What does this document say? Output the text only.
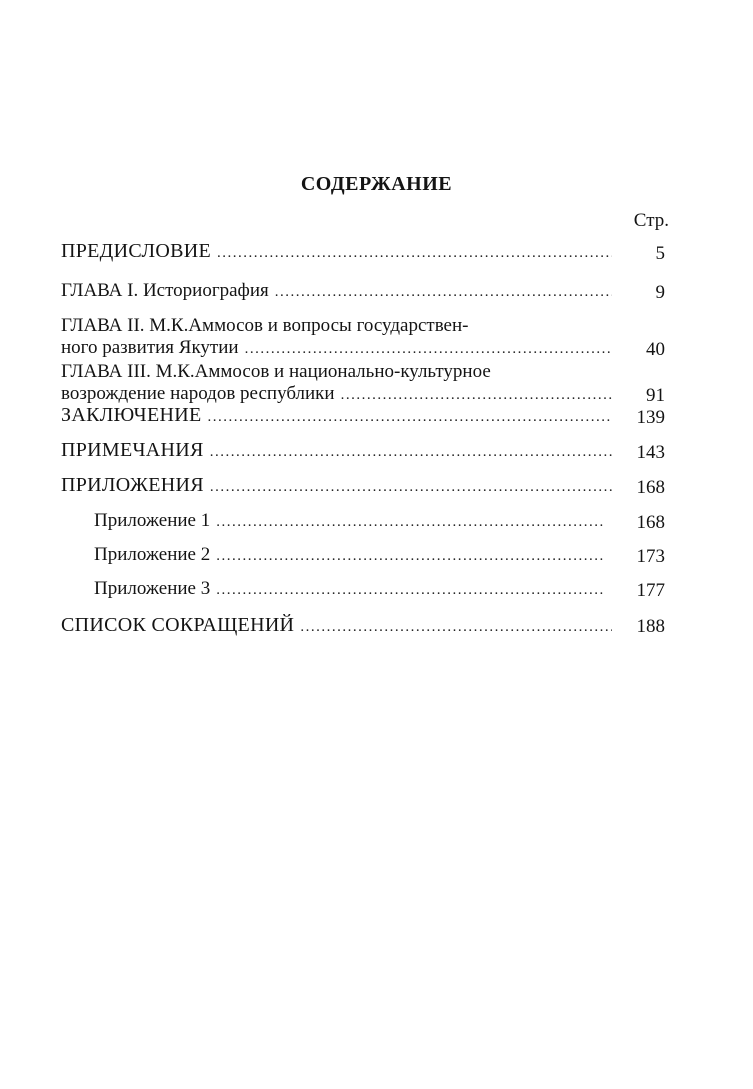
СОДЕРЖАНИЕ
Стр.
ПРЕДИСЛОВИЕ .....	5
ГЛАВА I. Историография .....	9
ГЛАВА II. М.К.Аммосов и вопросы государствен-
ного развития Якутии .....	40
ГЛАВА III. М.К.Аммосов и национально-культурное
возрождение народов республики .....	91
ЗАКЛЮЧЕНИЕ .....	139
ПРИМЕЧАНИЯ .....	143
ПРИЛОЖЕНИЯ .....	168
Приложение 1 .....	168
Приложение 2 .....	173
Приложение 3 .....	177
СПИСОК СОКРАЩЕНИЙ .....	188
